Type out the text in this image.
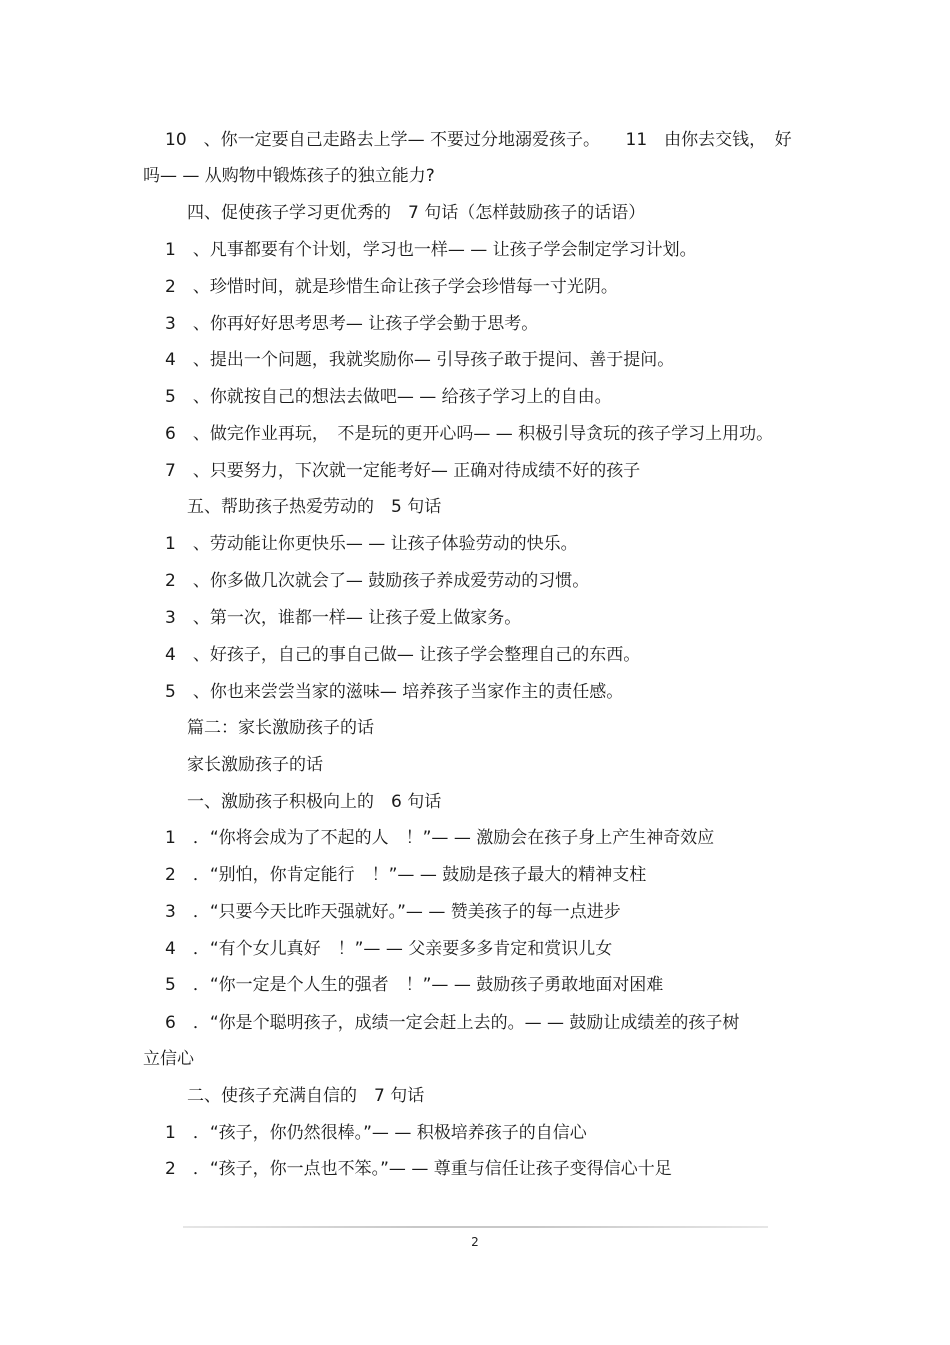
10　、你一定要自己走路去上学— 不要过分地溺爱孩子。　　11　由你去交钱，　好
吗— — 从购物中锻炼孩子的独立能力?
四、促使孩子学习更优秀的　7 句话（怎样鼓励孩子的话语）
1　、凡事都要有个计划，学习也一样— — 让孩子学会制定学习计划。
2　、珍惜时间，就是珍惜生命让孩子学会珍惜每一寸光阴。
3　、你再好好思考思考— 让孩子学会勤于思考。
4　、提出一个问题，我就奖励你— 引导孩子敢于提问、善于提问。
5　、你就按自己的想法去做吧— — 给孩子学习上的自由。
6　、做完作业再玩，　不是玩的更开心吗— — 积极引导贪玩的孩子学习上用功。
7　、只要努力，下次就一定能考好— 正确对待成绩不好的孩子
五、帮助孩子热爱劳动的　5 句话
1　、劳动能让你更快乐— — 让孩子体验劳动的快乐。
2　、你多做几次就会了— 鼓励孩子养成爱劳动的习惯。
3　、第一次，谁都一样— 让孩子爱上做家务。
4　、好孩子，自己的事自己做— 让孩子学会整理自己的东西。
5　、你也来尝尝当家的滋味— 培养孩子当家作主的责任感。
篇二：家长激励孩子的话
家长激励孩子的话
一、激励孩子积极向上的　6 句话
1　．“你将会成为了不起的人　！”— — 激励会在孩子身上产生神奇效应
2　．“别怕，你肯定能行　！”— — 鼓励是孩子最大的精神支柱
3　．“只要今天比昨天强就好。”— — 赞美孩子的每一点进步
4　．“有个女儿真好　！”— — 父亲要多多肯定和赏识儿女
5　．“你一定是个人生的强者　！”— — 鼓励孩子勇敢地面对困难
6　．“你是个聪明孩子，成绩一定会赶上去的。— — 鼓励让成绩差的孩子树
立信心
二、使孩子充满自信的　7 句话
1　．“孩子，你仍然很棒。”— — 积极培养孩子的自信心
2　．“孩子，你一点也不笨。”— — 尊重与信任让孩子变得信心十足
2
